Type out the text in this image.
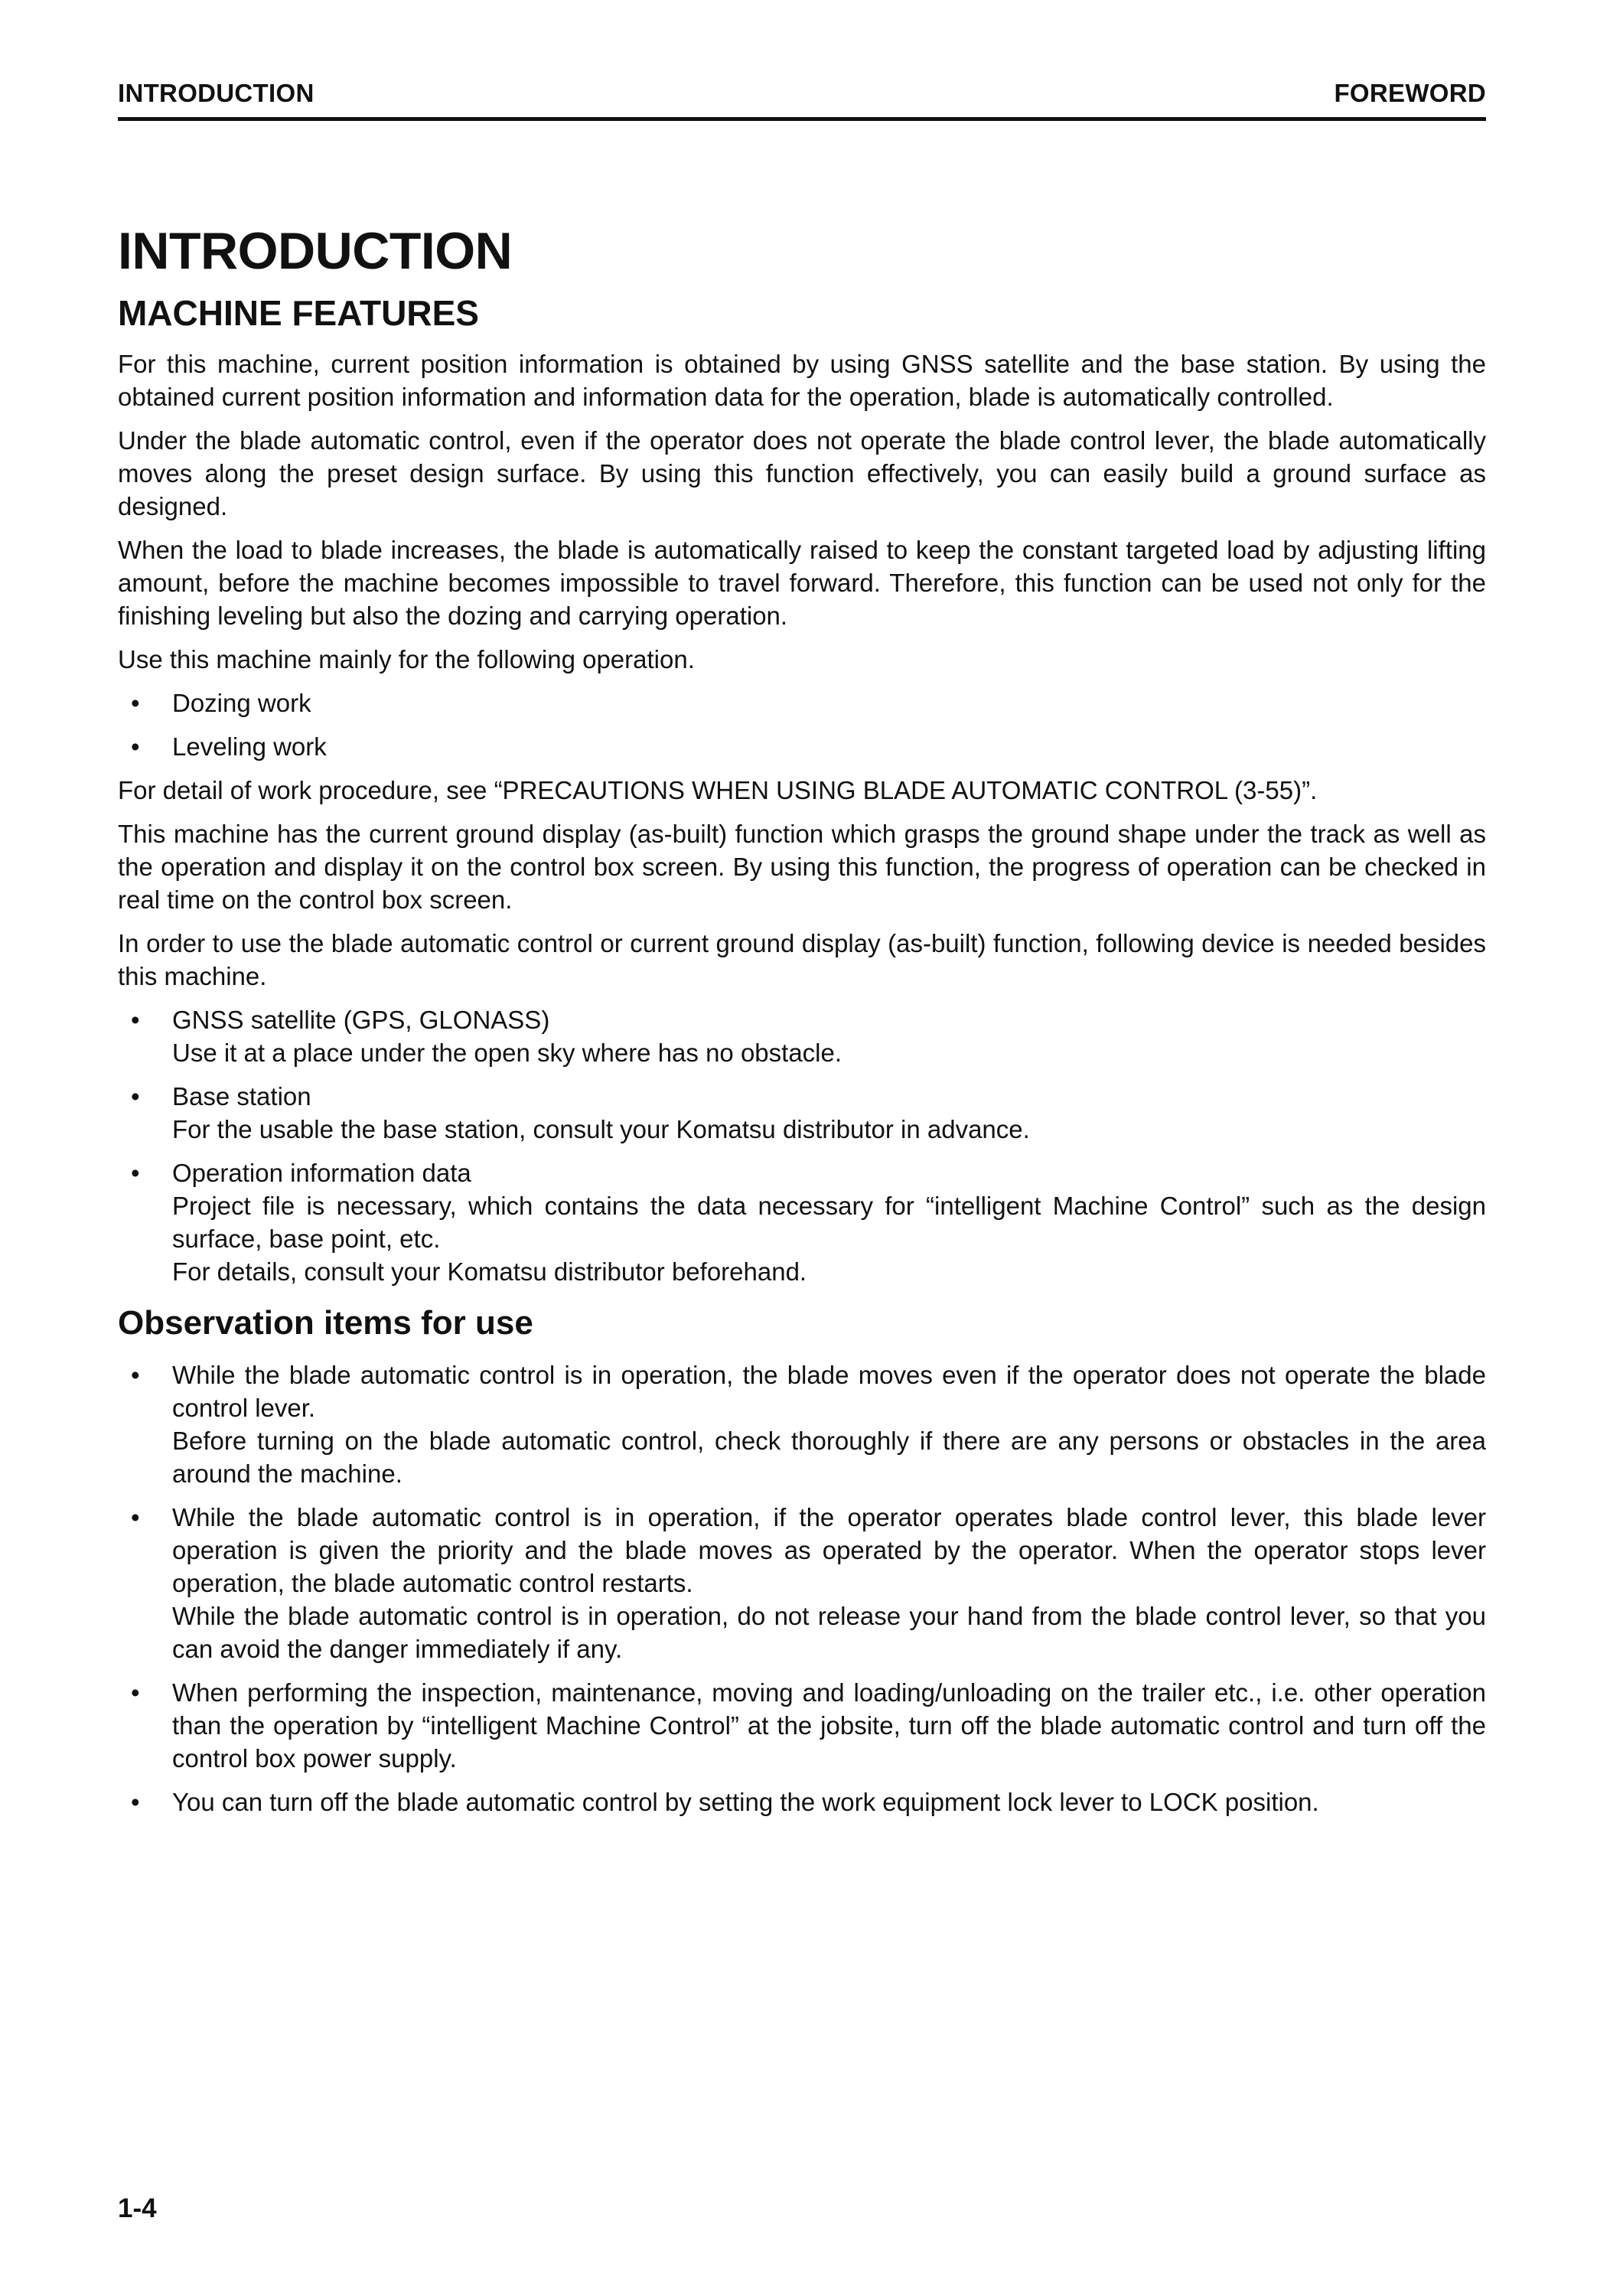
INTRODUCTION	FOREWORD
INTRODUCTION
MACHINE FEATURES

For this machine, current position information is obtained by using GNSS satellite and the base station. By using the obtained current position information and information data for the operation, blade is automatically controlled.

Under the blade automatic control, even if the operator does not operate the blade control lever, the blade automatically moves along the preset design surface. By using this function effectively, you can easily build a ground surface as designed.

When the load to blade increases, the blade is automatically raised to keep the constant targeted load by adjusting lifting amount, before the machine becomes impossible to travel forward. Therefore, this function can be used not only for the finishing leveling but also the dozing and carrying operation.

Use this machine mainly for the following operation.

• Dozing work
• Leveling work

For detail of work procedure, see “PRECAUTIONS WHEN USING BLADE AUTOMATIC CONTROL (3-55)”.

This machine has the current ground display (as-built) function which grasps the ground shape under the track as well as the operation and display it on the control box screen. By using this function, the progress of operation can be checked in real time on the control box screen.

In order to use the blade automatic control or current ground display (as-built) function, following device is needed besides this machine.

• GNSS satellite (GPS, GLONASS)
Use it at a place under the open sky where has no obstacle.
• Base station
For the usable the base station, consult your Komatsu distributor in advance.
• Operation information data
Project file is necessary, which contains the data necessary for “intelligent Machine Control” such as the design surface, base point, etc.
For details, consult your Komatsu distributor beforehand.
Observation items for use
• While the blade automatic control is in operation, the blade moves even if the operator does not operate the blade control lever.
Before turning on the blade automatic control, check thoroughly if there are any persons or obstacles in the area around the machine.
• While the blade automatic control is in operation, if the operator operates blade control lever, this blade lever operation is given the priority and the blade moves as operated by the operator. When the operator stops lever operation, the blade automatic control restarts.
While the blade automatic control is in operation, do not release your hand from the blade control lever, so that you can avoid the danger immediately if any.
• When performing the inspection, maintenance, moving and loading/unloading on the trailer etc., i.e. other operation than the operation by “intelligent Machine Control” at the jobsite, turn off the blade automatic control and turn off the control box power supply.
• You can turn off the blade automatic control by setting the work equipment lock lever to LOCK position.
1-4
